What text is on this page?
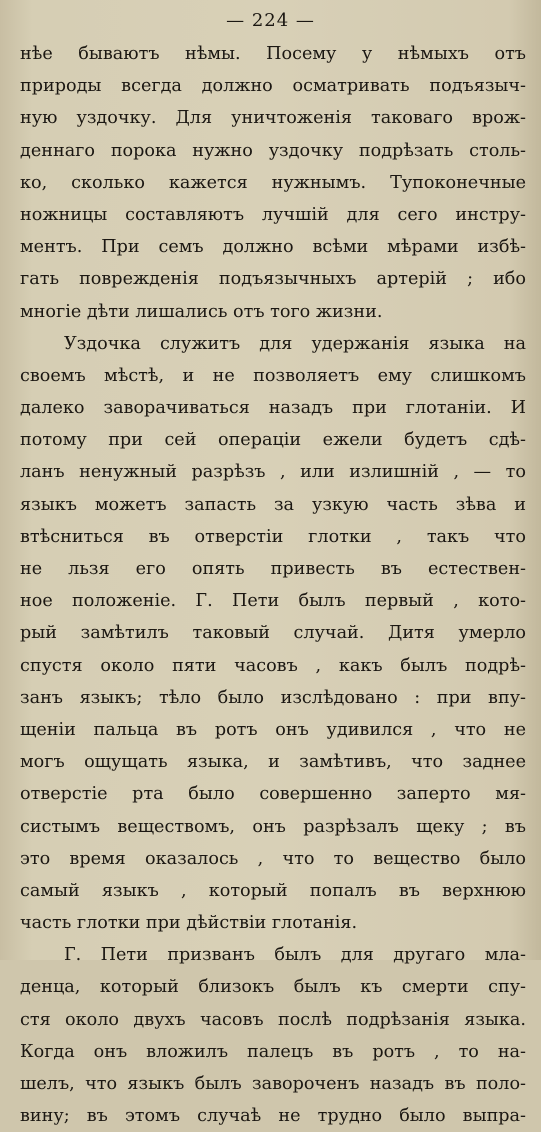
— 224 —
нѣе бываютъ нѣмы. Посему у нѣмыхъ отъ
природы всегда должно осматривать подъязыч-
ную уздочку. Для уничтоженія таковаго врож-
деннаго порока нужно уздочку подрѣзать столь-
ко, сколько кажется нужнымъ. Тупоконечные
ножницы составляютъ лучшій для сего инстру-
ментъ. При семъ должно всѣми мѣрами избѣ-
гать поврежденія подъязычныхъ артерій ; ибо
многіе дѣти лишались отъ того жизни.
Уздочка служитъ для удержанія языка на
своемъ мѣстѣ, и не позволяетъ ему слишкомъ
далеко заворачиваться назадъ при глотаніи. И
потому при сей операціи ежели будетъ сдѣ-
ланъ ненужный разрѣзъ , или излишній , — то
языкъ можетъ запасть за узкую часть зѣва и
втѣсниться въ отверстіи глотки , такъ что
не льзя его опять привесть въ естествен-
ное положеніе. Г. Пети былъ первый , кото-
рый замѣтилъ таковый случай. Дитя умерло
спустя около пяти часовъ , какъ былъ подрѣ-
занъ языкъ; тѣло было изслѣдовано : при впу-
щеніи пальца въ ротъ онъ удивился , что не
могъ ощущать языка, и замѣтивъ, что заднее
отверстіе рта было совершенно заперто мя-
систымъ веществомъ, онъ разрѣзалъ щеку ; въ
это время оказалось , что то вещество было
самый языкъ , который попалъ въ верхнюю
часть глотки при дѣйствіи глотанія.
Г. Пети призванъ былъ для другаго мла-
денца, который близокъ былъ къ смерти спу-
стя около двухъ часовъ послѣ подрѣзанія языка.
Когда онъ вложилъ палецъ въ ротъ , то на-
шелъ, что языкъ былъ завороченъ назадъ въ поло-
вину; въ этомъ случаѣ не трудно было выпра-
